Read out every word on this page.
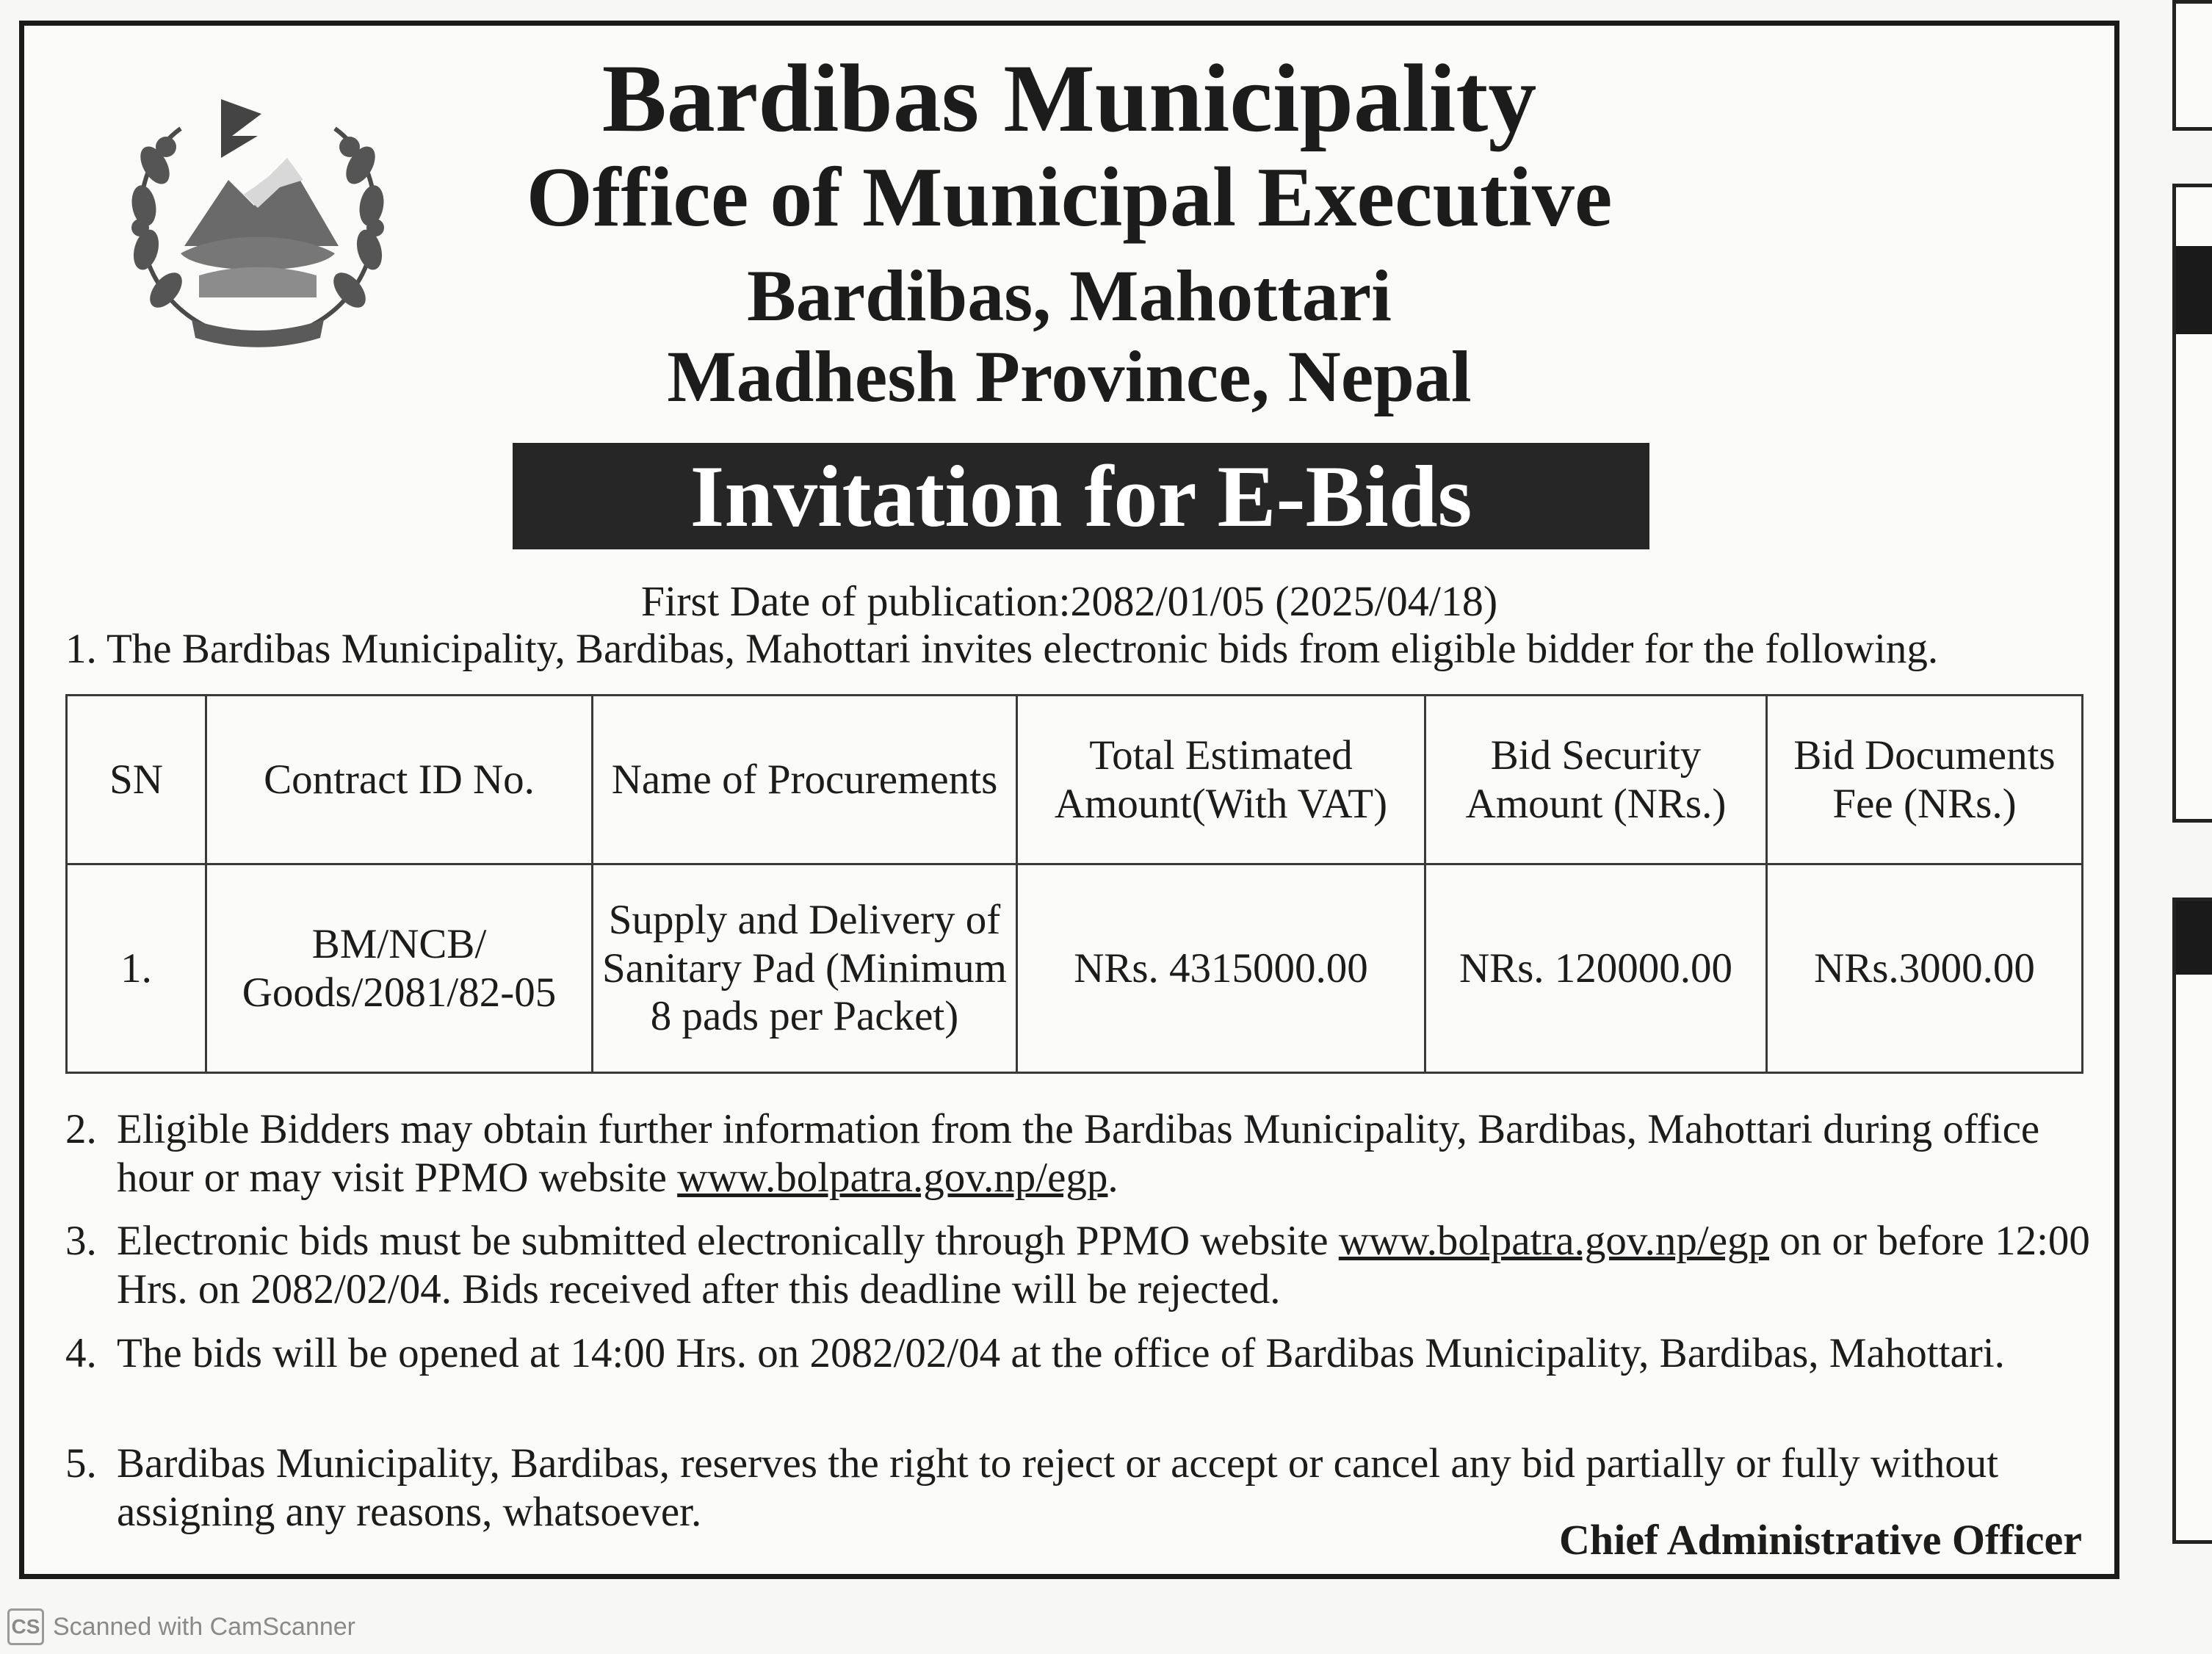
Bardibas Municipality
Office of Municipal Executive
Bardibas, Mahottari
Madhesh Province, Nepal
Invitation for E-Bids
First Date of publication:2082/01/05 (2025/04/18)
1. The Bardibas Municipality, Bardibas, Mahottari invites electronic bids from eligible bidder for the following.
SN	Contract ID No.	Name of Procurements	Total Estimated Amount(With VAT)	Bid Security Amount (NRs.)	Bid Documents Fee (NRs.)
1.	BM/NCB/ Goods/2081/82-05	Supply and Delivery of Sanitary Pad (Minimum 8 pads per Packet)	NRs. 4315000.00	NRs. 120000.00	NRs.3000.00
2. Eligible Bidders may obtain further information from the Bardibas Municipality, Bardibas, Mahottari during office hour or may visit PPMO website www.bolpatra.gov.np/egp.
3. Electronic bids must be submitted electronically through PPMO website www.bolpatra.gov.np/egp on or before 12:00 Hrs. on 2082/02/04. Bids received after this deadline will be rejected.
4. The bids will be opened at 14:00 Hrs. on 2082/02/04 at the office of Bardibas Municipality, Bardibas, Mahottari.
5. Bardibas Municipality, Bardibas, reserves the right to reject or accept or cancel any bid partially or fully without assigning any reasons, whatsoever.
Chief Administrative Officer
CS Scanned with CamScanner
